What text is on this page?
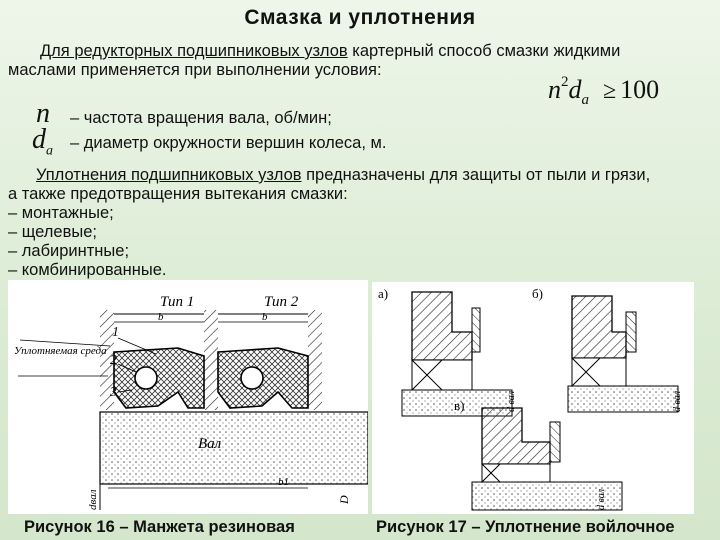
Смазка и уплотнения
Для редукторных подшипниковых узлов картерный способ смазки жидкими
маслами применяется при выполнении условия:
$n^2d_a \ge 100$
n – частота вращения вала, об/мин;
$d_a$ – диаметр окружности вершин колеса, м.
Уплотнения подшипниковых узлов предназначены для защиты от пыли и грязи,
а также предотвращения вытекания смазки:
– монтажные;
– щелевые;
– лабиринтные;
– комбинированные.
Тип 1	Тип 2
b	b
Уплотняемая среда
1
2
3
Вал
b1
dвал	D
а)	б)
в)	d вал	d вал
d вал
Рисунок 16 – Манжета резиновая	Рисунок 17 – Уплотнение войлочное
